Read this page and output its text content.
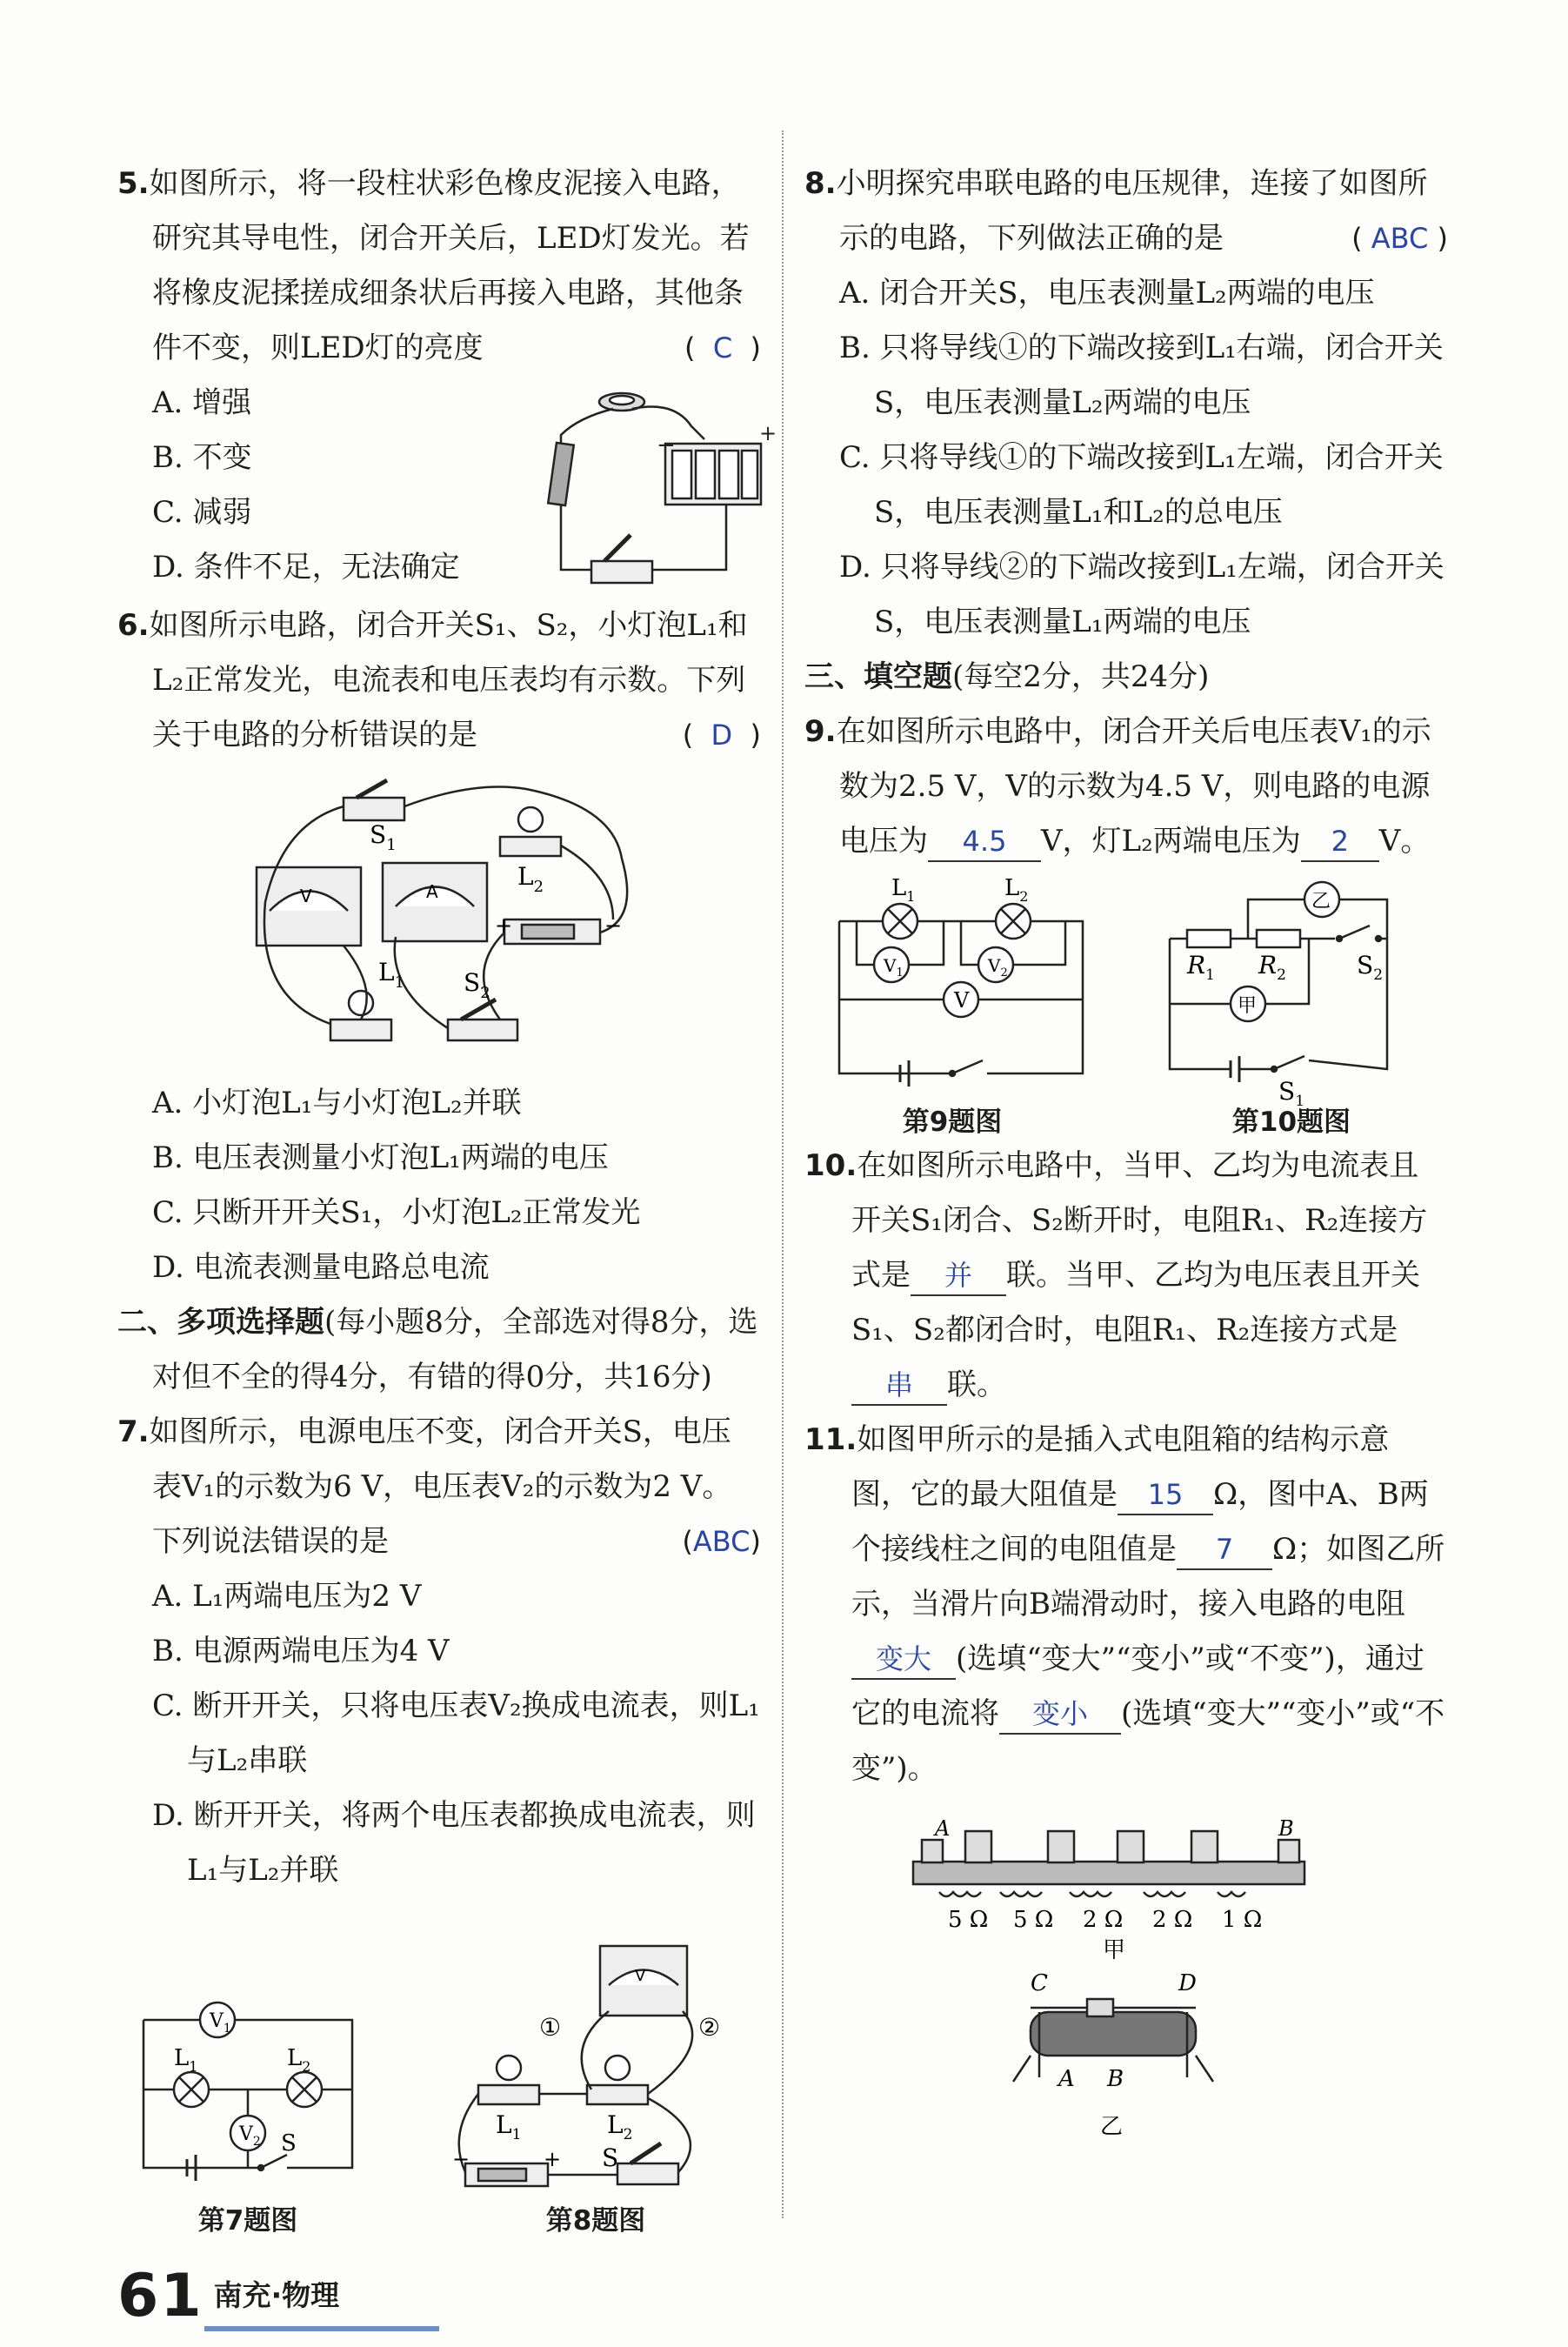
5.如图所示，将一段柱状彩色橡皮泥接入电路，研究其导电性，闭合开关后，LED灯发光。若将橡皮泥揉搓成细条状后再接入电路，其他条件不变，则LED灯的亮度	( C )
A. 增强
B. 不变
C. 减弱
D. 条件不足，无法确定
−	+
6.如图所示电路，闭合开关S₁、S₂，小灯泡L₁和L₂正常发光，电流表和电压表均有示数。下列关于电路的分析错误的是	( D )
$S_1$
$L_2$
V	A
$L_1$ $S_2$
+	−
A. 小灯泡L₁与小灯泡L₂并联
B. 电压表测量小灯泡L₁两端的电压
C. 只断开开关S₁，小灯泡L₂正常发光
D. 电流表测量电路总电流
二、多项选择题(每小题8分，全部选对得8分，选对但不全的得4分，有错的得0分，共16分)
7.如图所示，电源电压不变，闭合开关S，电压表V₁的示数为6 V，电压表V₂的示数为2 V。下列说法错误的是	(ABC)
A. L₁两端电压为2 V
B. 电源两端电压为4 V
C. 断开开关，只将电压表V₂换成电流表，则L₁与L₂串联
D. 断开开关，将两个电压表都换成电流表，则L₁与L₂并联
$V_1$
$V_2$
$L_1$	$L_2$
S
第7题图
①	②
V
$L_1$	$L_2$
S
−	+
第8题图
8.小明探究串联电路的电压规律，连接了如图所示的电路，下列做法正确的是	( ABC )
A. 闭合开关S，电压表测量L₂两端的电压
B. 只将导线①的下端改接到L₁右端，闭合开关S，电压表测量L₂两端的电压
C. 只将导线①的下端改接到L₁左端，闭合开关S，电压表测量L₁和L₂的总电压
D. 只将导线②的下端改接到L₁左端，闭合开关S，电压表测量L₁两端的电压
三、填空题(每空2分，共24分)
9.在如图所示电路中，闭合开关后电压表V₁的示数为2.5 V，V的示数为4.5 V，则电路的电源电压为 4.5 V，灯L₂两端电压为 2 V。
$L_1$	$L_2$
$V_1$	$V_2$
V
第9题图
乙
甲
$R_1$ $R_2$	$S_2$
$S_1$
第10题图
10.在如图所示电路中，当甲、乙均为电流表且开关S₁闭合、S₂断开时，电阻R₁、R₂连接方式是 并 联。当甲、乙均为电压表且开关S₁、S₂都闭合时，电阻R₁、R₂连接方式是串 联。
11.如图甲所示的是插入式电阻箱的结构示意图，它的最大阻值是 15 Ω，图中A、B两个接线柱之间的电阻值是 7 Ω；如图乙所示，当滑片向B端滑动时，接入电路的电阻变大 (选填“变大”“变小”或“不变”)，通过它的电流将 变小 (选填“变大”“变小”或“不变”)。
A	B
5 Ω 5 Ω 2 Ω 2 Ω 1 Ω
甲
C	D
A B
乙
61 南充·物理
